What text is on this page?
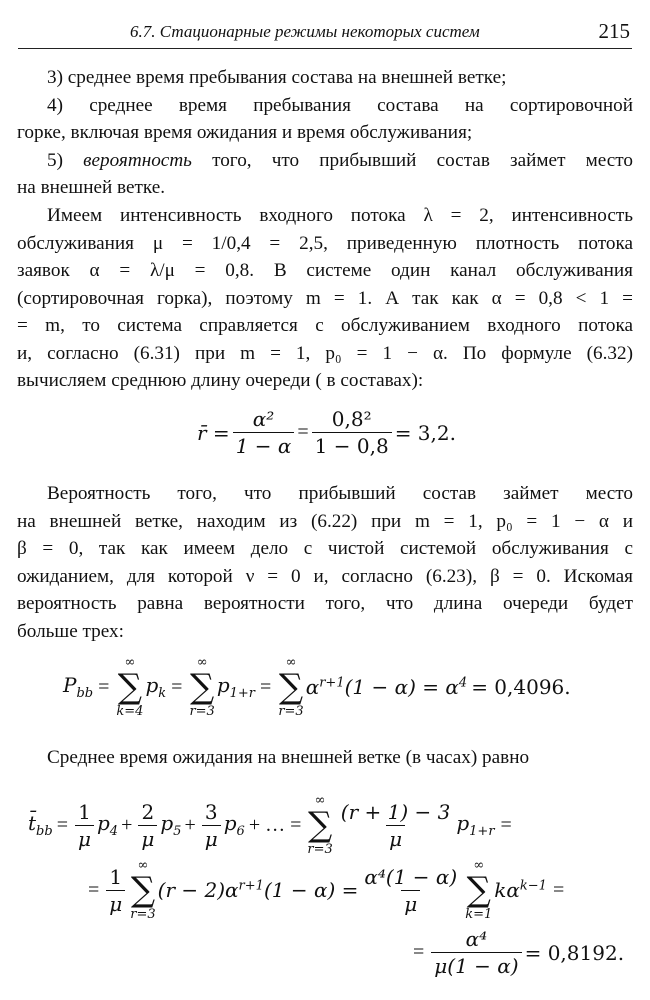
6.7. Стационарные режимы некоторых систем	215
3) среднее время пребывания состава на внешней ветке;
4) среднее время пребывания состава на сортировочной
горке, включая время ожидания и время обслуживания;
5) вероятность того, что прибывший состав займет место
на внешней ветке.
Имеем интенсивность входного потока λ = 2, интенсивность
обслуживания μ = 1/0,4 = 2,5, приведенную плотность потока
заявок α = λ/μ = 0,8. В системе один канал обслуживания
(сортировочная горка), поэтому m = 1. А так как α = 0,8 < 1 =
= m, то система справляется с обслуживанием входного потока
и, согласно (6.31) при m = 1, p₀ = 1 − α. По формуле (6.32)
вычисляем среднюю длину очереди ( в составах):
r̄ = $\frac{\text{α²}}{1 - \alpha} = \frac{\text{0,8²}}{1 - 0,8} = 3,2$.
Вероятность того, что прибывший состав займет место
на внешней ветке, находим из (6.22) при m = 1, p₀ = 1 − α и
β = 0, так как имеем дело с чистой системой обслуживания с
ожиданием, для которой ν = 0 и, согласно (6.23), β = 0. Искомая
вероятность равна вероятности того, что длина очереди будет
больше трех:
$P_{bb}$ =
∞
∑
k=4
$p_k$ =
∞
∑
r=3
$p_{1+r}$ =
∞
∑
r=3
$\alpha^{r+1}(1 - \alpha) = \alpha^4 = 0,4096$.
Среднее время ожидания на внешней ветке (в часах) равно
$t̄_{bb} = \frac{1}{\mu} p_4 + \frac{2}{\mu} p_5 + \frac{3}{\mu} p_6$ + … =
∞
∑
$r=3 \frac{(r + 1) - 3}{\mu} p_{1+r}$ =
= $\frac{1}{\mu}$ ∞
∑
r=3
$(r - 2)\alpha^{r+1}(1 - \alpha) = \frac{\text{α⁴(1 − α)}}{\mu}$ ∞
∑
k=1
$k\alpha^{k-1}$ =
= $\frac{\text{α⁴}}{\mu(1 - \alpha)} = 0,8192$.
